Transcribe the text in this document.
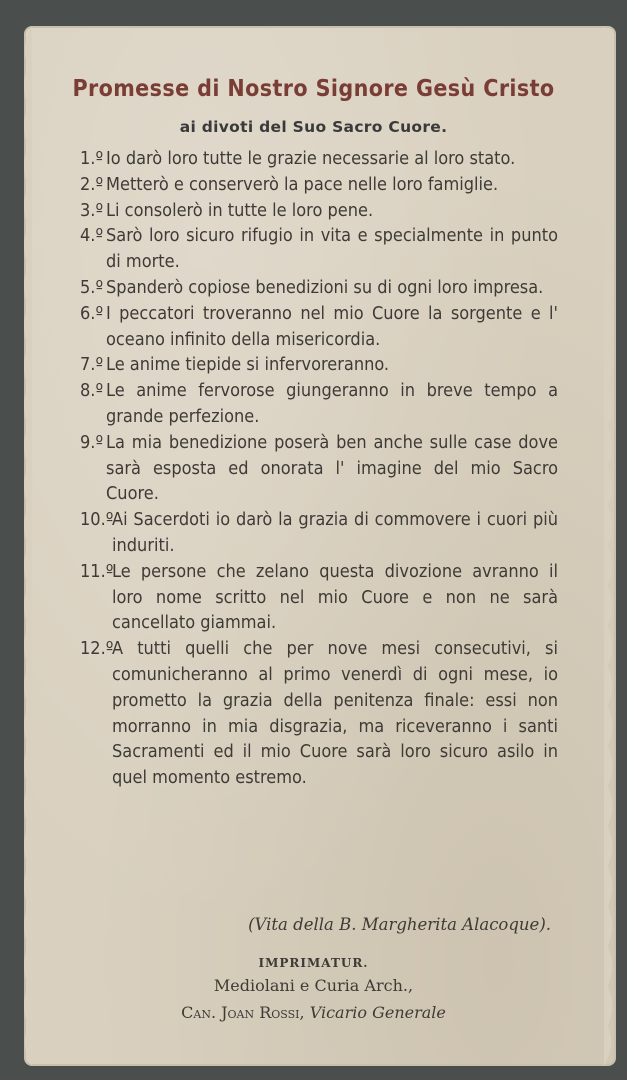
Promesse di Nostro Signore Gesù Cristo
ai divoti del Suo Sacro Cuore.
1.º Io darò loro tutte le grazie necessarie al loro stato.
2.º Metterò e conserverò la pace nelle loro famiglie.
3.º Li consolerò in tutte le loro pene.
4.º Sarò loro sicuro rifugio in vita e specialmente in punto di morte.
5.º Spanderò copiose benedizioni su di ogni loro impresa.
6.º I peccatori troveranno nel mio Cuore la sorgente e l' oceano infinito della misericordia.
7.º Le anime tiepide si infervoreranno.
8.º Le anime fervorose giungeranno in breve tempo a grande perfezione.
9.º La mia benedizione poserà ben anche sulle case dove sarà esposta ed onorata l' imagine del mio Sacro Cuore.
10.º
Ai Sacerdoti io darò la grazia di commovere i cuori più induriti.
11.º
Le persone che zelano questa divozione avranno il loro nome scritto nel mio Cuore e non ne sarà cancellato giammai.
12.º
A tutti quelli che per nove mesi consecutivi, si comunicheranno al primo venerdì di ogni mese, io prometto la grazia della penitenza finale: essi non morranno in mia disgrazia, ma riceveranno i santi Sacramenti ed il mio Cuore sarà loro sicuro asilo in quel momento estremo.
(Vita della B. Margherita Alacoque).
IMPRIMATUR.
Mediolani e Curia Arch.,
Can. Joan Rossi, Vicario Generale
